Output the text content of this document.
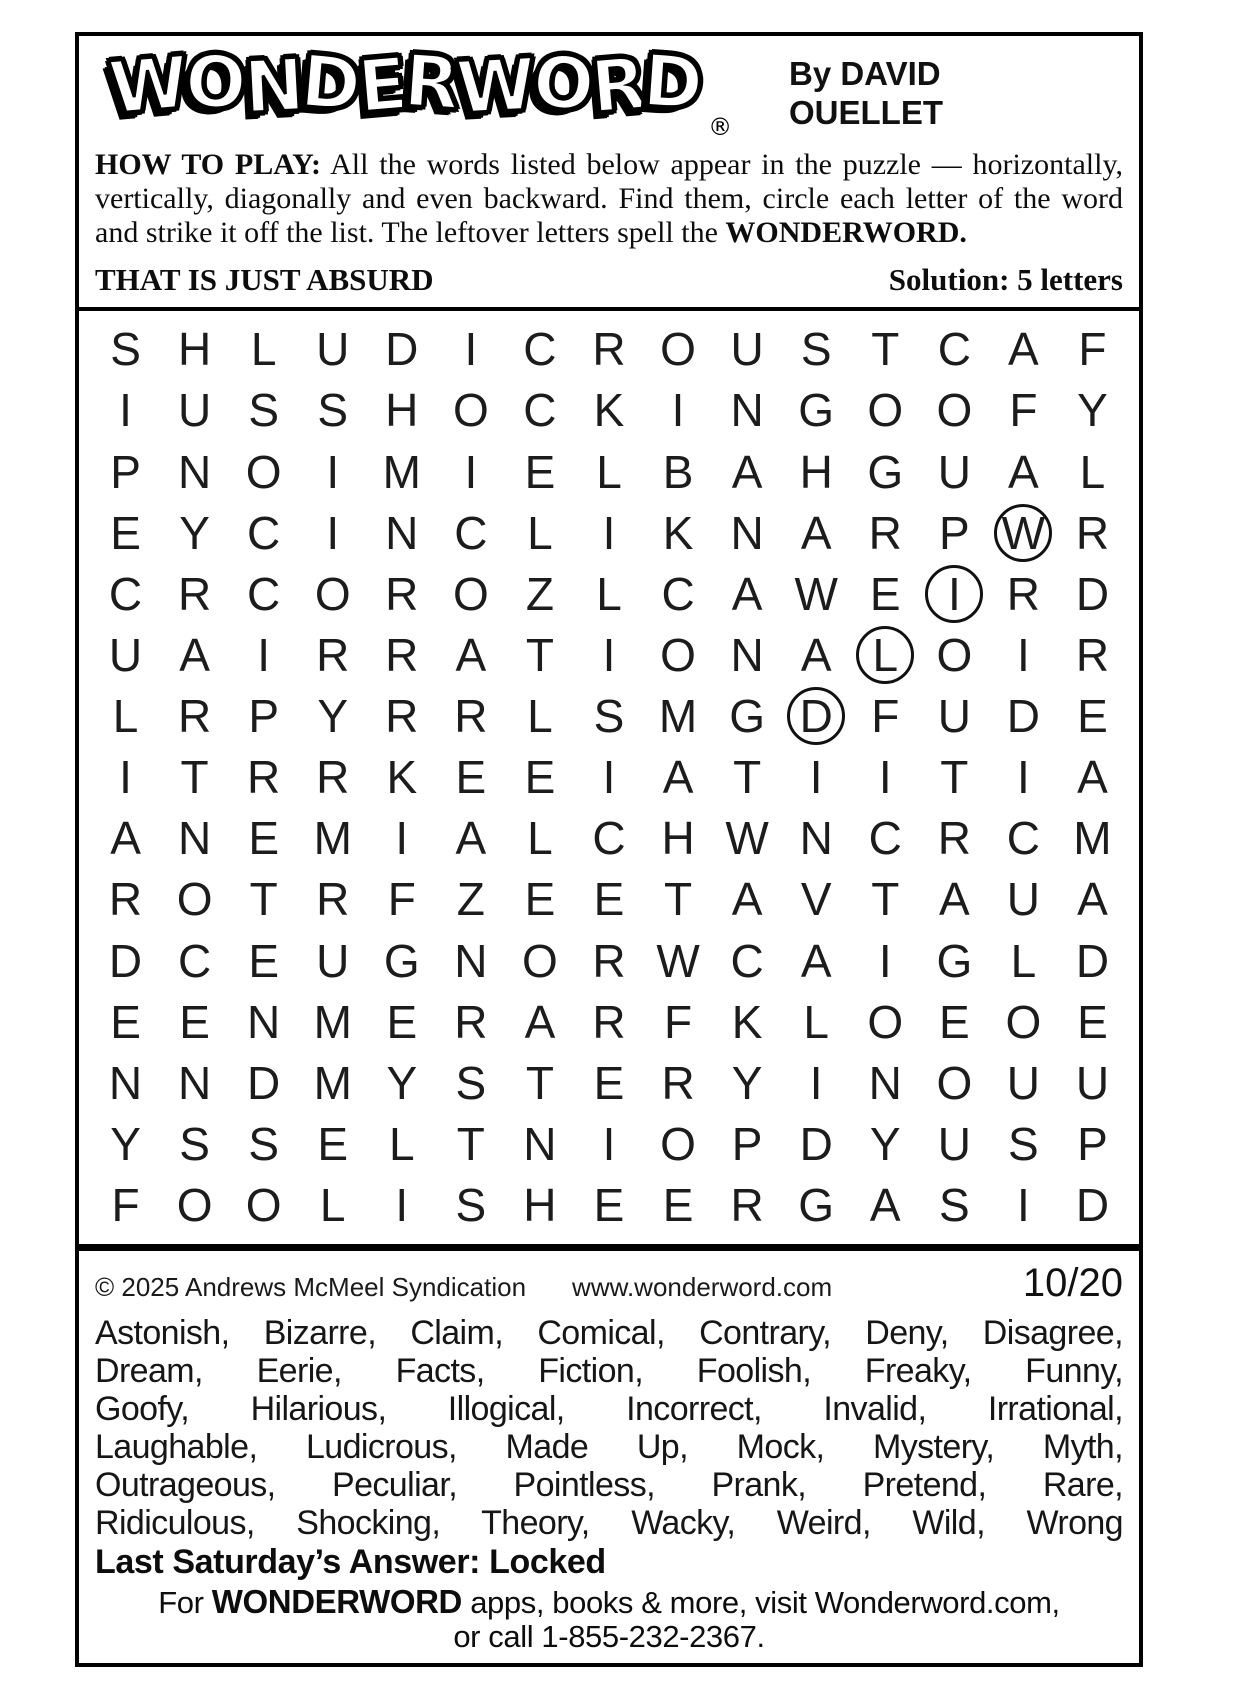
WONDERWORD®
By DAVID
OUELLET
HOW TO PLAY: All the words listed below appear in the puzzle — horizontally, vertically, diagonally and even backward. Find them, circle each letter of the word and strike it off the list. The leftover letters spell the WONDERWORD.
THAT IS JUST ABSURD	Solution: 5 letters
S H L U D	I	C R O U S T C A F
I	U S S H O C K	I	N G O O F Y
P N O I M I	E L B A H G U A L
E Y C	I	N C L	I	K N A R P W R
C R C O R O Z L C A W E	I	R D
U A	I	R R A T	I O N A L O I	R
L R P Y R R L S M G D F U D E
I	T R R K E E	I	A T	I	I	T	I	A
A N E M I	A L C H W N C R C M
R O T R F Z E E T A V T A U A
D C E U G N O R W C A	I G L D
E E N M E R A R F K L O E O E
N N D M Y S T E R Y	I	N O U U
Y S S E L T N	I O P D Y U S P
F O O L	I	S H E E R G A S	I	D
© 2025 Andrews McMeel Syndication www.wonderword.com	10/20
Astonish, Bizarre, Claim, Comical, Contrary, Deny, Disagree,
Dream, Eerie, Facts, Fiction, Foolish, Freaky, Funny,
Goofy, Hilarious, Illogical, Incorrect, Invalid, Irrational,
Laughable, Ludicrous, Made Up, Mock, Mystery, Myth,
Outrageous, Peculiar, Pointless, Prank, Pretend, Rare,
Ridiculous, Shocking, Theory, Wacky, Weird, Wild, Wrong
Last Saturday’s Answer: Locked
For WONDERWORD apps, books & more, visit Wonderword.com,
or call 1-855-232-2367.
